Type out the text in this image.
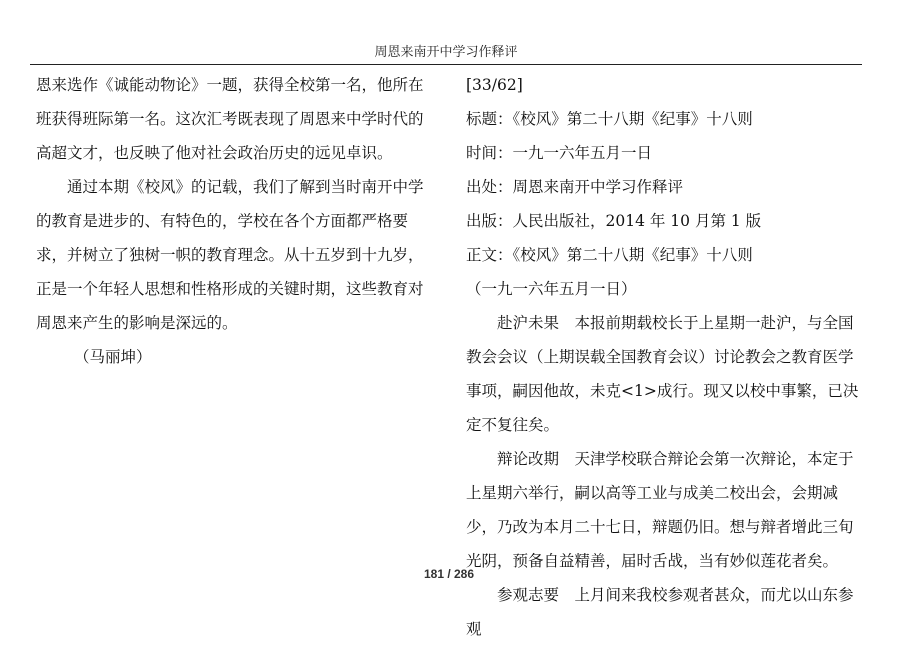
周恩来南开中学习作释评

恩来选作《诚能动物论》一题，获得全校第一名，他所在班获得班际第一名。这次汇考既表现了周恩来中学时代的高超文才，也反映了他对社会政治历史的远见卓识。

通过本期《校风》的记载，我们了解到当时南开中学的教育是进步的、有特色的，学校在各个方面都严格要求，并树立了独树一帜的教育理念。从十五岁到十九岁，正是一个年轻人思想和性格形成的关键时期，这些教育对周恩来产生的影响是深远的。

（马丽坤）

[33/62]

标题：《校风》第二十八期《纪事》十八则

时间：一九一六年五月一日

出处：周恩来南开中学习作释评

出版：人民出版社，2014 年 10 月第 1 版

正文：《校风》第二十八期《纪事》十八则

（一九一六年五月一日）

赴沪未果 本报前期载校长于上星期一赴沪，与全国教会会议（上期误载全国教育会议）讨论教会之教育医学事项，嗣因他故，未克<1>成行。现又以校中事繁，已决定不复往矣。

辩论改期 天津学校联合辩论会第一次辩论，本定于上星期六举行，嗣以高等工业与成美二校出会，会期减少，乃改为本月二十七日，辩题仍旧。想与辩者增此三旬光阴，预备自益精善，届时舌战，当有妙似莲花者矣。

参观志要 上月间来我校参观者甚众，而尤以山东参观

181 / 286
